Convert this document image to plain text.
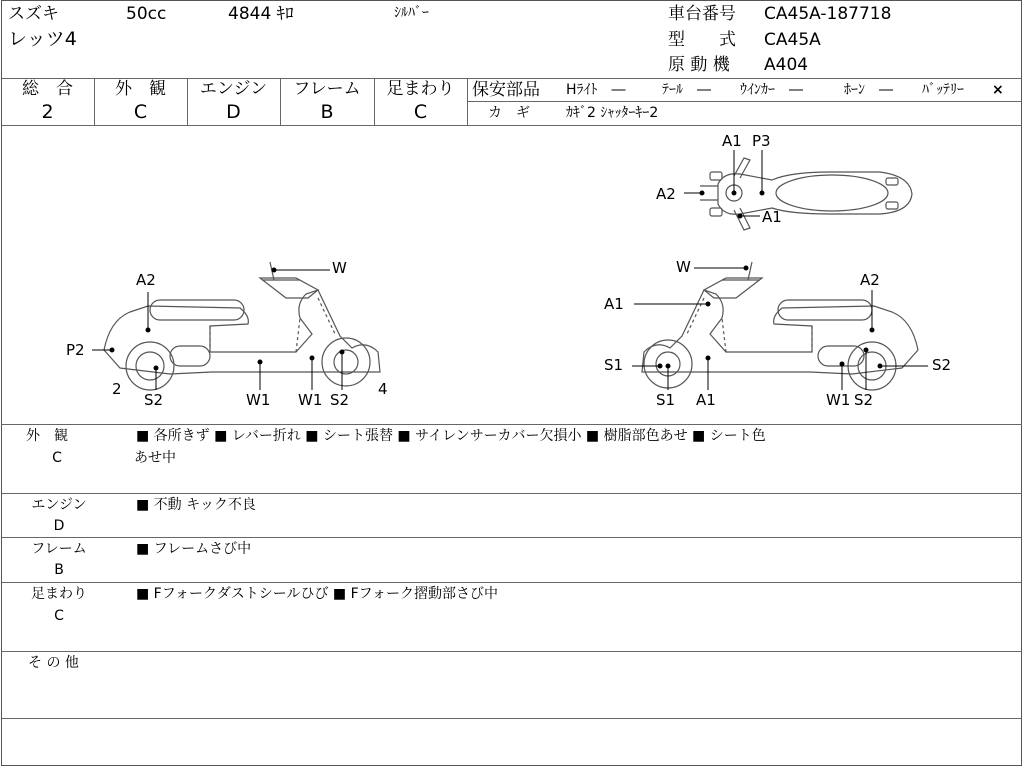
スズキ	50cc	4844 ｷﾛ	ｼﾙﾊﾞｰ
レッツ4
車台番号 CA45A-187718
型　　式 CA45A
原 動 機 A404
総　合
2
外　観
C
エンジン
D
フレーム
B
足まわり
C
保安部品 Hﾗｲﾄ　―	ﾃｰﾙ　― ｳｲﾝｶｰ　―	ﾎｰﾝ　― ﾊﾞｯﾃﾘｰ ×
カ　ギ	ｶｷﾞ2 ｼｬｯﾀｰｷｰ2
A1 P3
A2
A1
W
A2
P2
2
S2	W1 W1 S2
4
W
A2
A1
S1	S2
S1 A1	W1 S2
外　観
C
■ 各所きず ■ レバー折れ ■ シート張替 ■ サイレンサーカバー欠損小 ■ 樹脂部色あせ ■ シート色
あせ中
エンジン
D
■ 不動 キック不良
フレーム
B
■ フレームさび中
足まわり
C
■ Fフォークダストシールひび ■ Fフォーク摺動部さび中
そ の 他
